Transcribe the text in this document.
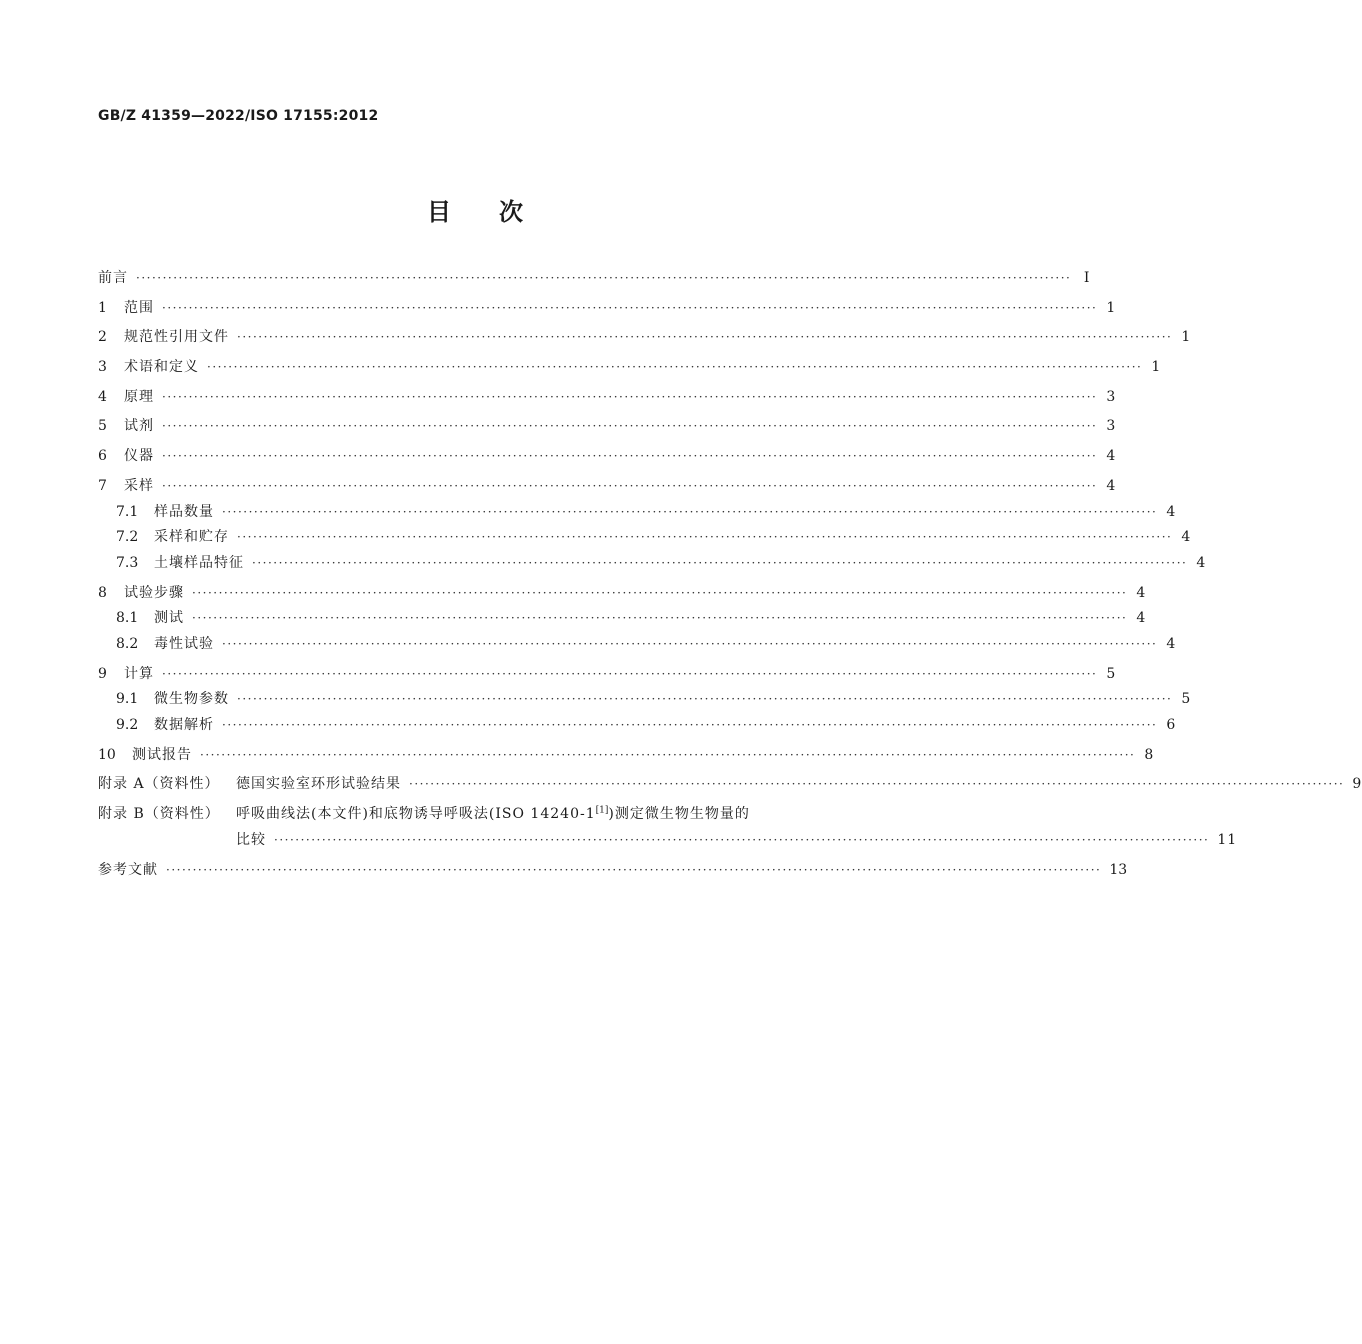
GB/Z 41359—2022/ISO 17155:2012
目次
前言 ·····	Ⅰ
1	范围 ·····	1
2	规范性引用文件 ·····	1
3	术语和定义 ·····	1
4	原理 ·····	3
5	试剂 ·····	3
6	仪器 ·····	4
7	采样 ·····	4
7.1	样品数量 ·····	4
7.2	采样和贮存 ·····	4
7.3	土壤样品特征 ·····	4
8	试验步骤 ·····	4
8.1	测试 ·····	4
8.2	毒性试验 ·····	4
9	计算 ·····	5
9.1	微生物参数 ·····	5
9.2	数据解析 ·····	6
10	测试报告 ·····	8
附录 A（资料性）	德国实验室环形试验结果 ·····	9
附录 B（资料性）	呼吸曲线法(本文件)和底物诱导呼吸法(ISO 14240-1[1])测定微生物生物量的
比较 ·····	11
参考文献 ·····	13
